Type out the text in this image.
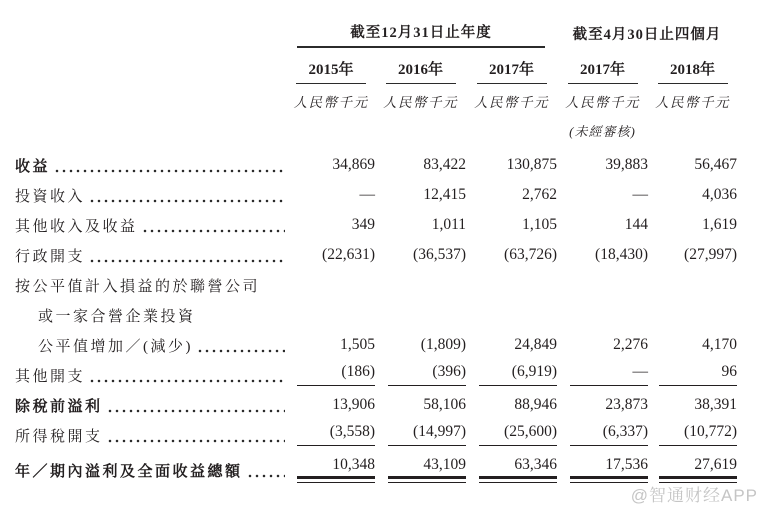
截至12月31日止年度	截至4月30日止四個月
2015年	2016年	2017年	2017年	2018年
人民幣千元	人民幣千元	人民幣千元	人民幣千元	人民幣千元
(未經審核)
收益	34,869	83,422	130,875	39,883	56,467
投資收入	—	12,415	2,762	—	4,036
其他收入及收益	349	1,011	1,105	144	1,619
行政開支	(22,631) (36,537) (63,726) (18,430) (27,997)
按公平值計入損益的於聯營公司
或一家合營企業投資
公平值增加／(減少)	1,505	(1,809)	24,849	2,276	4,170
其他開支	(186)	(396)	(6,919)	—	96
除稅前溢利	13,906	58,106	88,946	23,873	38,391
所得稅開支	(3,558) (14,997) (25,600)	(6,337) (10,772)
年／期內溢利及全面收益總額	10,348	43,109	63,346	17,536	27,619
@智通财经APP
